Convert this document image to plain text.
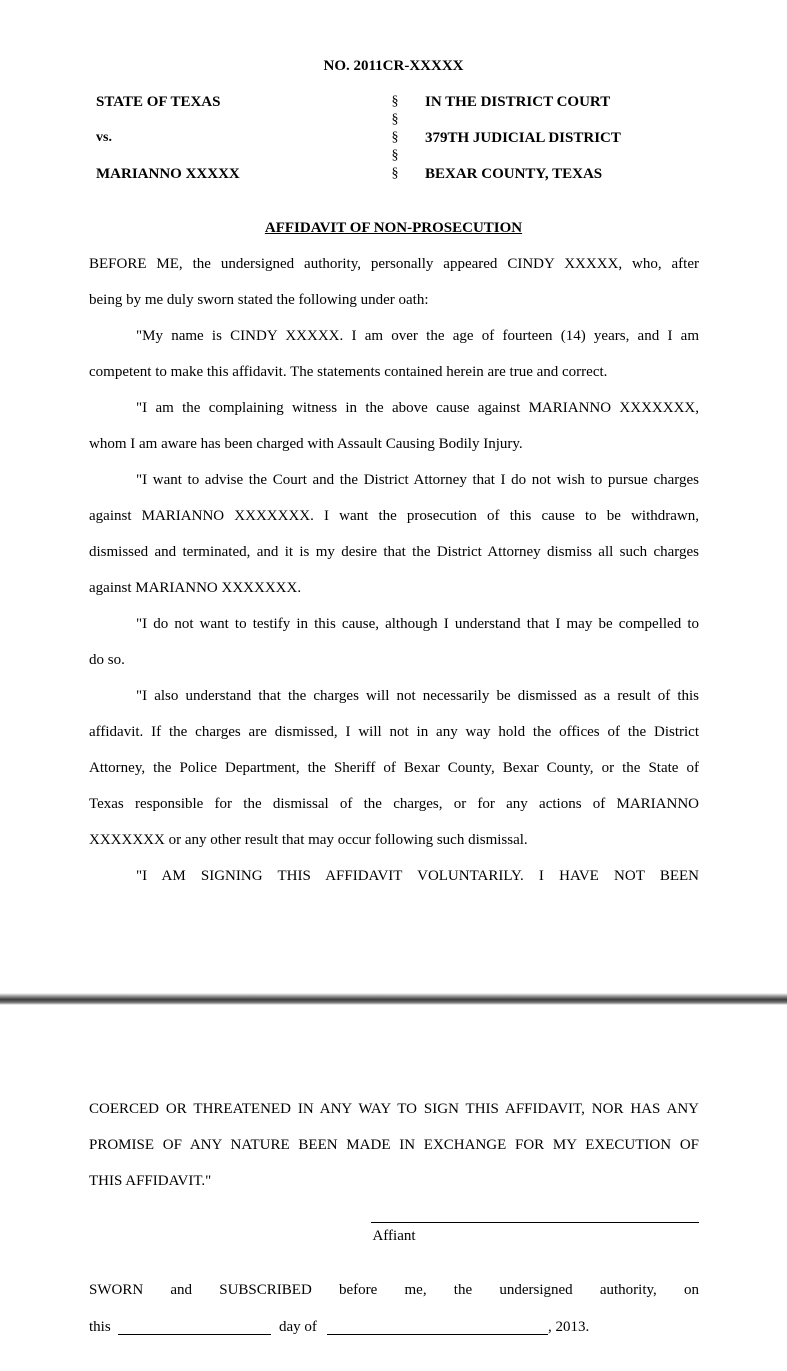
NO. 2011CR-XXXXX
STATE OF TEXAS
vs.
MARIANNO XXXXX
§
§
§
§
§
IN THE DISTRICT COURT
379TH JUDICIAL DISTRICT
BEXAR COUNTY, TEXAS
AFFIDAVIT OF NON-PROSECUTION
BEFORE ME, the undersigned authority, personally appeared CINDY XXXXX, who, after
being by me duly sworn stated the following under oath:
"My name is CINDY XXXXX. I am over the age of fourteen (14) years, and I am
competent to make this affidavit. The statements contained herein are true and correct.
"I am the complaining witness in the above cause against MARIANNO XXXXXXX,
whom I am aware has been charged with Assault Causing Bodily Injury.
"I want to advise the Court and the District Attorney that I do not wish to pursue charges
against MARIANNO XXXXXXX. I want the prosecution of this cause to be withdrawn,
dismissed and terminated, and it is my desire that the District Attorney dismiss all such charges
against MARIANNO XXXXXXX.
"I do not want to testify in this cause, although I understand that I may be compelled to
do so.
"I also understand that the charges will not necessarily be dismissed as a result of this
affidavit. If the charges are dismissed, I will not in any way hold the offices of the District
Attorney, the Police Department, the Sheriff of Bexar County, Bexar County, or the State of
Texas responsible for the dismissal of the charges, or for any actions of MARIANNO
XXXXXXX or any other result that may occur following such dismissal.
"I AM SIGNING THIS AFFIDAVIT VOLUNTARILY. I HAVE NOT BEEN
COERCED OR THREATENED IN ANY WAY TO SIGN THIS AFFIDAVIT, NOR HAS ANY
PROMISE OF ANY NATURE BEEN MADE IN EXCHANGE FOR MY EXECUTION OF
THIS AFFIDAVIT."
Affiant
SWORN and SUBSCRIBED before me, the undersigned authority, on
this	day of	, 2013.
